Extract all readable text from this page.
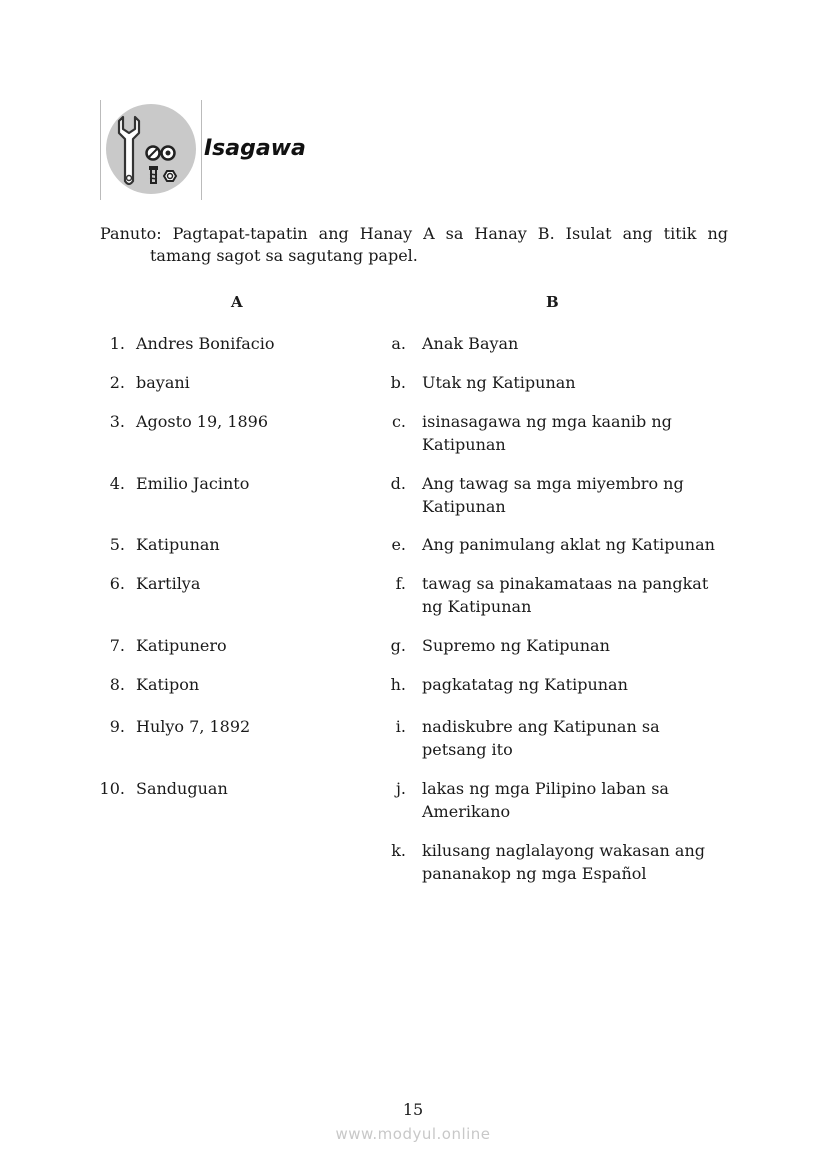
Isagawa
Panuto: Pagtapat-tapatin ang Hanay A sa Hanay B. Isulat ang titik ng
tamang sagot sa sagutang papel.
A	B
1. Andres Bonifacio
2. bayani
3. Agosto 19, 1896
4. Emilio Jacinto
5. Katipunan
6. Kartilya
7. Katipunero
8. Katipon
9. Hulyo 7, 1892
10. Sanduguan
a. Anak Bayan
b. Utak ng Katipunan
c. isinasagawa ng mga kaanib ng Katipunan
d. Ang tawag sa mga miyembro ng Katipunan
e. Ang panimulang aklat ng Katipunan
f. tawag sa pinakamataas na pangkat ng Katipunan
g. Supremo ng Katipunan
h. pagkatatag ng Katipunan
i. nadiskubre ang Katipunan sa petsang ito
j. lakas ng mga Pilipino laban sa Amerikano
k. kilusang naglalayong wakasan ang pananakop ng mga Español
15
www.modyul.online
